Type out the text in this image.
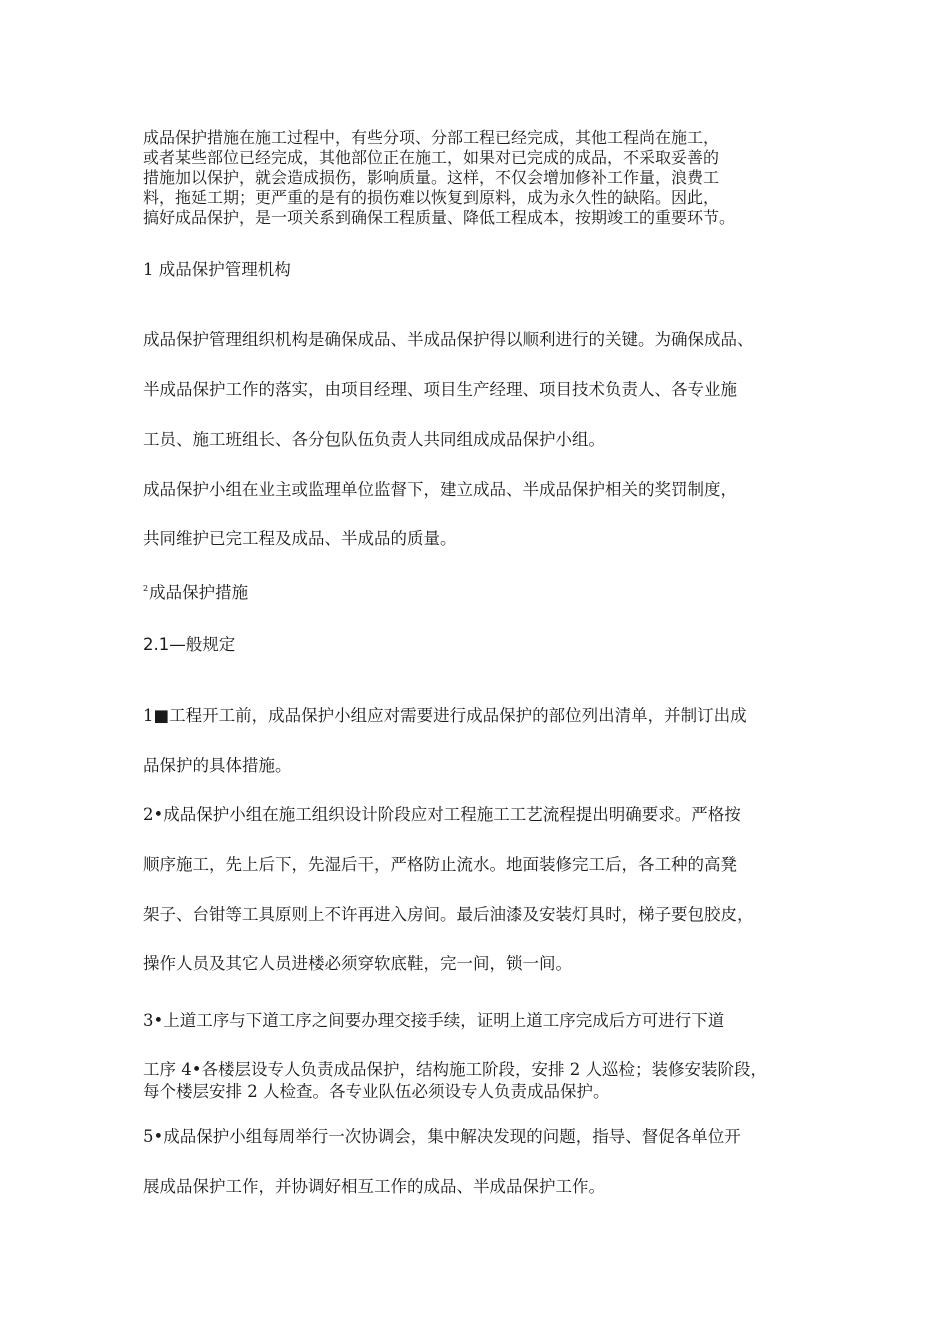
成品保护措施在施工过程中，有些分项、分部工程已经完成，其他工程尚在施工，
或者某些部位已经完成，其他部位正在施工，如果对已完成的成品，不采取妥善的
措施加以保护，就会造成损伤，影响质量。这样，不仅会增加修补工作量，浪费工
料，拖延工期；更严重的是有的损伤难以恢复到原料，成为永久性的缺陷。因此，
搞好成品保护，是一项关系到确保工程质量、降低工程成本，按期竣工的重要环节。
1 成品保护管理机构
成品保护管理组织机构是确保成品、半成品保护得以顺利进行的关键。为确保成品、
半成品保护工作的落实，由项目经理、项目生产经理、项目技术负责人、各专业施
工员、施工班组长、各分包队伍负责人共同组成成品保护小组。
成品保护小组在业主或监理单位监督下，建立成品、半成品保护相关的奖罚制度，
共同维护已完工程及成品、半成品的质量。
$^2$成品保护措施
2.1—般规定
1■工程开工前，成品保护小组应对需要进行成品保护的部位列出清单，并制订出成
品保护的具体措施。
2•成品保护小组在施工组织设计阶段应对工程施工工艺流程提出明确要求。严格按
顺序施工，先上后下，先湿后干，严格防止流水。地面装修完工后，各工种的高凳
架子、台钳等工具原则上不许再进入房间。最后油漆及安装灯具时，梯子要包胶皮，
操作人员及其它人员进楼必须穿软底鞋，完一间，锁一间。
3•上道工序与下道工序之间要办理交接手续，证明上道工序完成后方可进行下道
工序 4•各楼层设专人负责成品保护，结构施工阶段，安排 2 人巡检；装修安装阶段，
每个楼层安排 2 人检查。各专业队伍必须设专人负责成品保护。
5•成品保护小组每周举行一次协调会，集中解决发现的问题，指导、督促各单位开
展成品保护工作，并协调好相互工作的成品、半成品保护工作。
